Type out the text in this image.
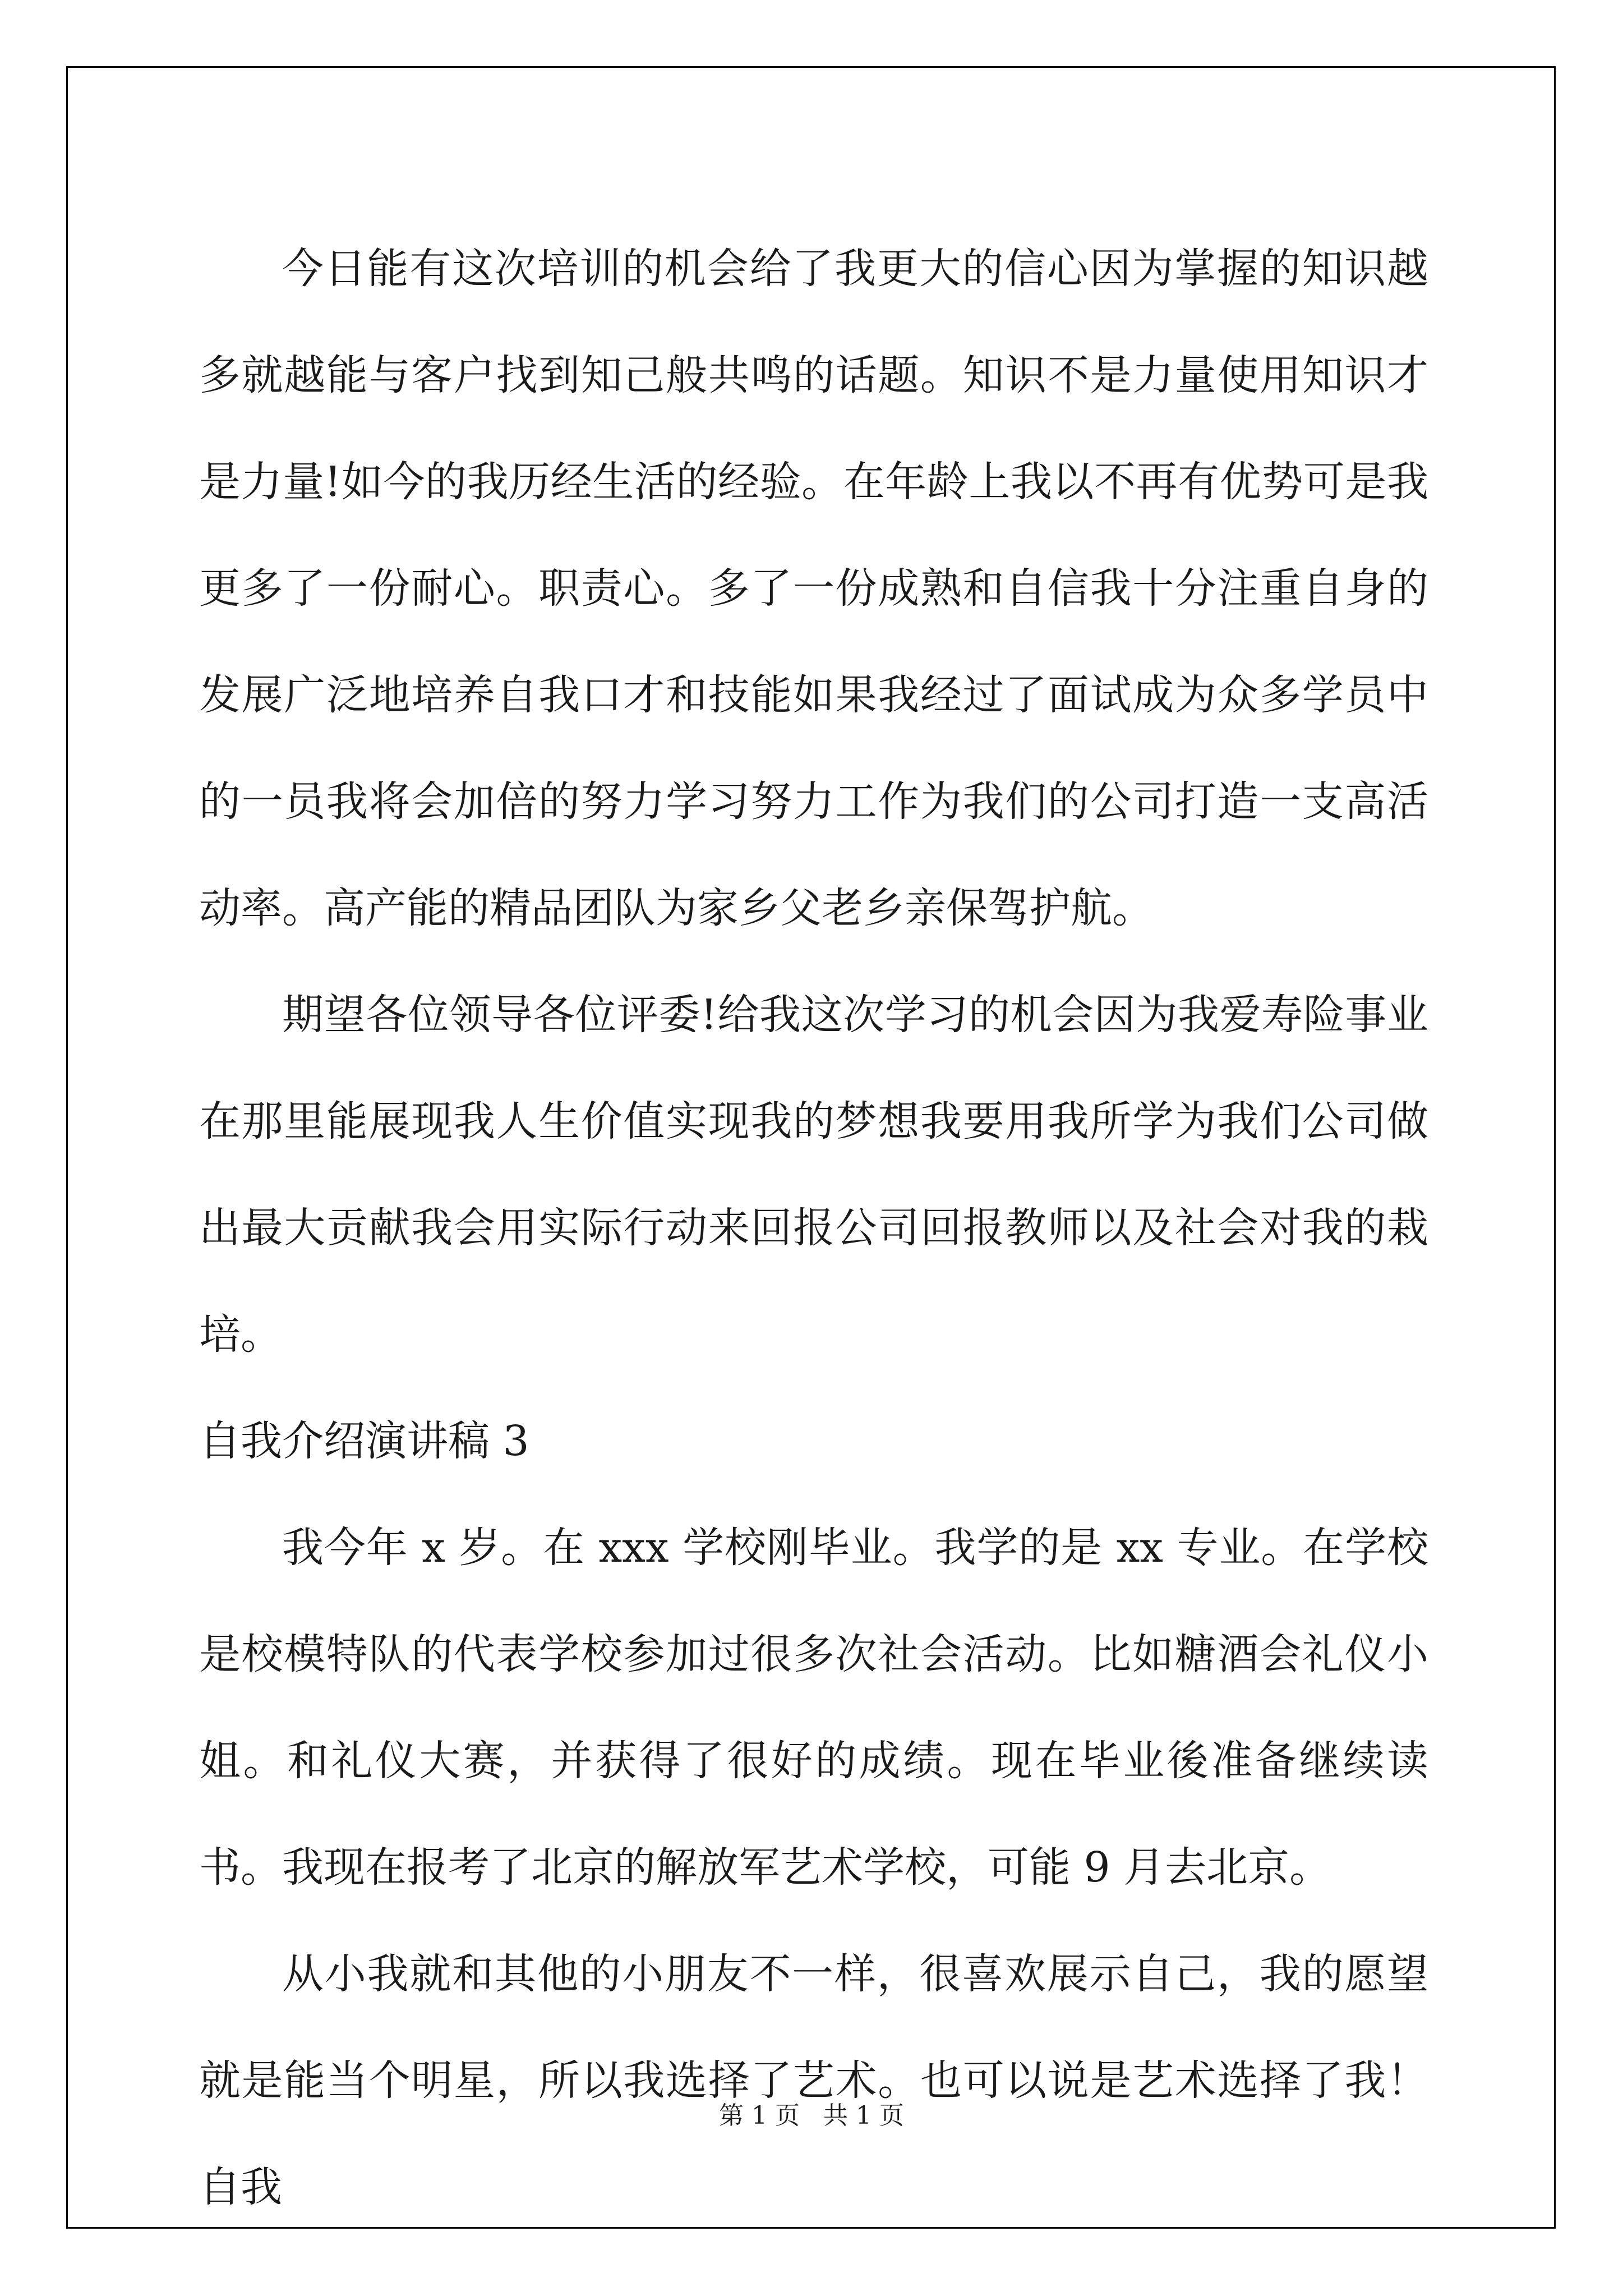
今日能有这次培训的机会给了我更大的信心因为掌握的知识越多就越能与客户找到知己般共鸣的话题。知识不是力量使用知识才是力量!如今的我历经生活的经验。在年龄上我以不再有优势可是我更多了一份耐心。职责心。多了一份成熟和自信我十分注重自身的发展广泛地培养自我口才和技能如果我经过了面试成为众多学员中的一员我将会加倍的努力学习努力工作为我们的公司打造一支高活动率。高产能的精品团队为家乡父老乡亲保驾护航。

期望各位领导各位评委!给我这次学习的机会因为我爱寿险事业在那里能展现我人生价值实现我的梦想我要用我所学为我们公司做出最大贡献我会用实际行动来回报公司回报教师以及社会对我的栽培。

自我介绍演讲稿 3

我今年 x 岁。在 xxx 学校刚毕业。我学的是 xx 专业。在学校是校模特队的代表学校参加过很多次社会活动。比如糖酒会礼仪小姐。和礼仪大赛，并获得了很好的成绩。现在毕业後准备继续读书。我现在报考了北京的解放军艺术学校，可能 9 月去北京。

从小我就和其他的小朋友不一样，很喜欢展示自己，我的愿望就是能当个明星，所以我选择了艺术。也可以说是艺术选择了我！自我

第 1 页 共 1 页
